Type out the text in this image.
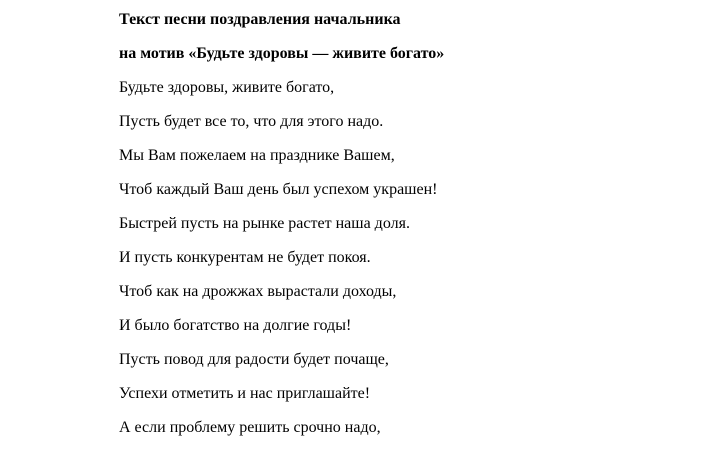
Текст песни поздравления начальника
на мотив «Будьте здоровы — живите богато»
Будьте здоровы, живите богато,
Пусть будет все то, что для этого надо.
Мы Вам пожелаем на празднике Вашем,
Чтоб каждый Ваш день был успехом украшен!
Быстрей пусть на рынке растет наша доля.
И пусть конкурентам не будет покоя.
Чтоб как на дрожжах вырастали доходы,
И было богатство на долгие годы!
Пусть повод для радости будет почаще,
Успехи отметить и нас приглашайте!
А если проблему решить срочно надо,
